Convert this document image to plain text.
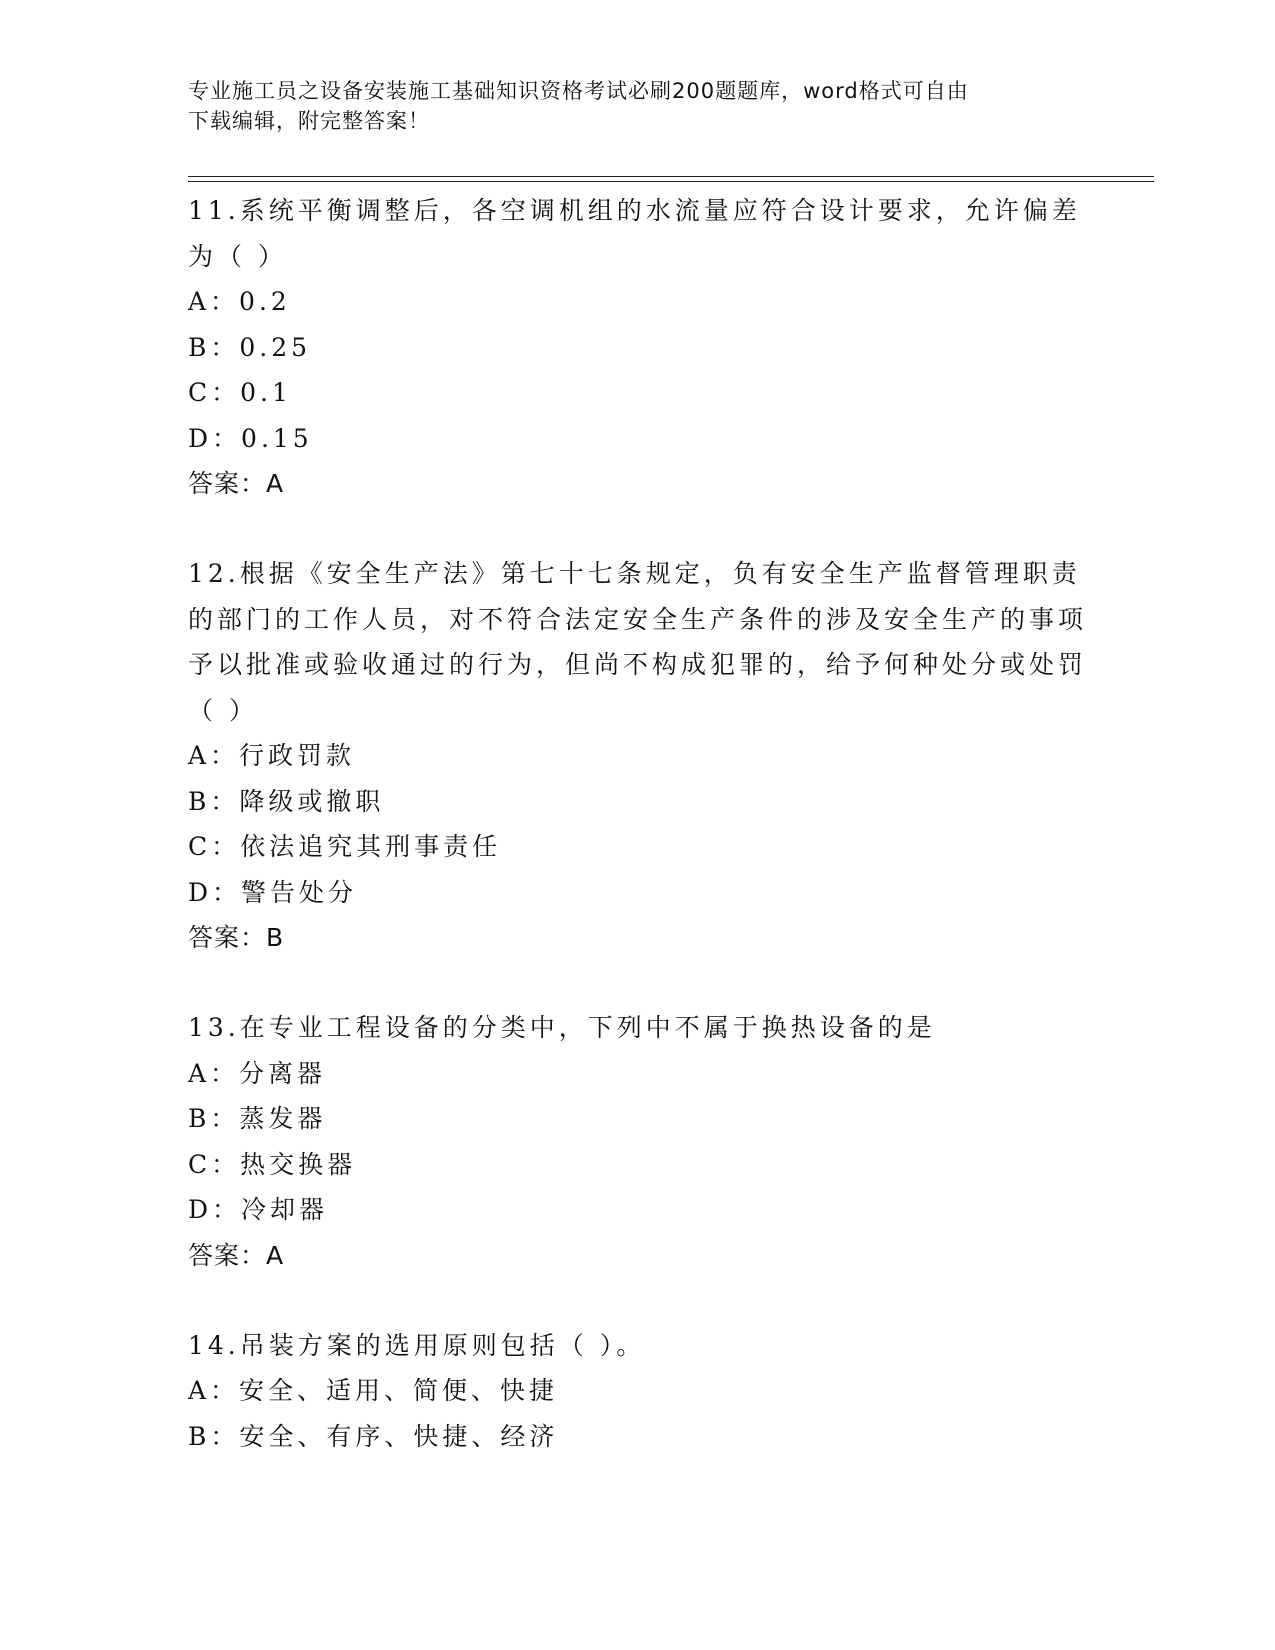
专业施工员之设备安装施工基础知识资格考试必刷200题题库，word格式可自由
下载编辑，附完整答案！
11.系统平衡调整后，各空调机组的水流量应符合设计要求，允许偏差为（ ）
A：0.2
B：0.25
C：0.1
D：0.15
答案：A
12.根据《安全生产法》第七十七条规定，负有安全生产监督管理职责的部门的工作人员，对不符合法定安全生产条件的涉及安全生产的事项予以批准或验收通过的行为，但尚不构成犯罪的，给予何种处分或处罚（ ）
A：行政罚款
B：降级或撤职
C：依法追究其刑事责任
D：警告处分
答案：B
13.在专业工程设备的分类中，下列中不属于换热设备的是
A：分离器
B：蒸发器
C：热交换器
D：冷却器
答案：A
14.吊装方案的选用原则包括（ ）。
A：安全、适用、简便、快捷
B：安全、有序、快捷、经济
